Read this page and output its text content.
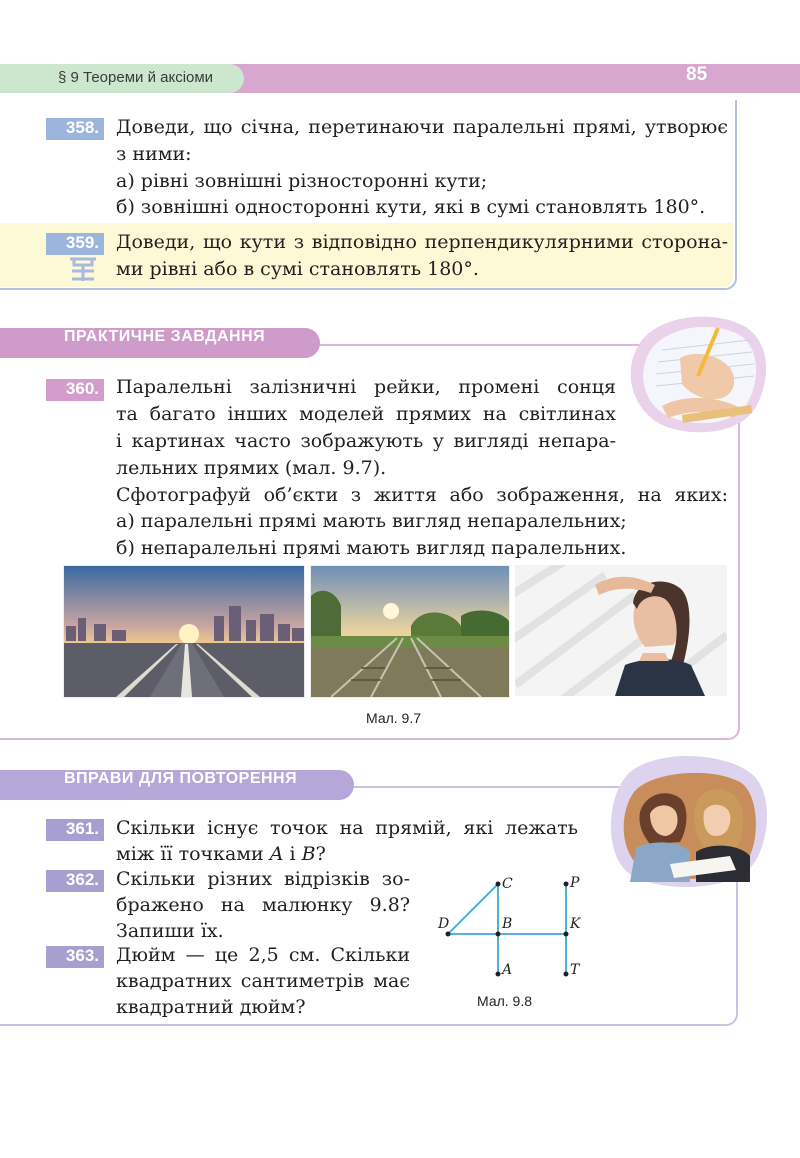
§ 9 Теореми й аксіоми	85
358. Доведи, що січна, перетинаючи паралельні прямі, утворює
з ними:
а) рівні зовнішні різносторонні кути;
б) зовнішні односторонні кути, які в сумі становлять 180°.
359. Доведи, що кути з відповідно перпендикулярними сторона-
ми рівні або в сумі становлять 180°.
ПРАКТИЧНЕ ЗАВДАННЯ
360. Паралельні залізничні рейки, промені сонця
та багато інших моделей прямих на світлинах
і картинах часто зображують у вигляді непара-
лельних прямих (мал. 9.7).
Сфотографуй об’єкти з життя або зображення, на яких:
а) паралельні прямі мають вигляд непаралельних;
б) непаралельні прямі мають вигляд паралельних.
Мал. 9.7
ВПРАВИ ДЛЯ ПОВТОРЕННЯ
361. Скільки існує точок на прямій, які лежать
між її точками A і B?
362. Скільки різних відрізків зо-
бражено на малюнку 9.8?
Запиши їх.
363. Дюйм — це 2,5 см. Скільки
квадратних сантиметрів має
квадратний дюйм?
C	P
D	B	K
A	T
Мал. 9.8
